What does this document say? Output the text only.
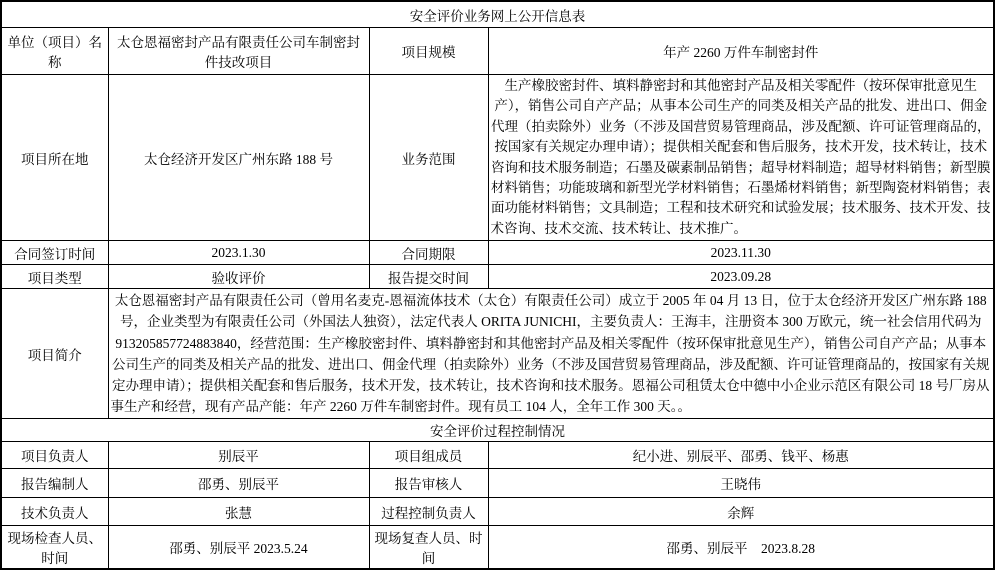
安全评价业务网上公开信息表			
单位（项目）名称	太仓恩福密封产品有限责任公司车制密封件技改项目	项目规模	年产 2260 万件车制密封件
项目所在地	太仓经济开发区广州东路 188 号	业务范围	生产橡胶密封件、填料静密封和其他密封产品及相关零配件（按环保审批意见生产），销售公司自产产品；从事本公司生产的同类及相关产品的批发、进出口、佣金代理（拍卖除外）业务（不涉及国营贸易管理商品，涉及配额、许可证管理商品的，按国家有关规定办理申请）；提供相关配套和售后服务，技术开发，技术转让，技术咨询和技术服务制造；石墨及碳素制品销售；超导材料制造；超导材料销售；新型膜材料销售；功能玻璃和新型光学材料销售；石墨烯材料销售；新型陶瓷材料销售；表面功能材料销售；文具制造；工程和技术研究和试验发展；技术服务、技术开发、技术咨询、技术交流、技术转让、技术推广。
合同签订时间	2023.1.30	合同期限	2023.11.30
项目类型	验收评价	报告提交时间	2023.09.28
项目简介	太仓恩福密封产品有限责任公司（曾用名麦克-恩福流体技术（太仓）有限责任公司）成立于 2005 年 04 月 13 日，位于太仓经济开发区广州东路 188 号，企业类型为有限责任公司（外国法人独资），法定代表人 ORITA JUNICHI，主要负责人：王海丰，注册资本 300 万欧元，统一社会信用代码为 913205857724883840，经营范围：生产橡胶密封件、填料静密封和其他密封产品及相关零配件（按环保审批意见生产），销售公司自产产品；从事本公司生产的同类及相关产品的批发、进出口、佣金代理（拍卖除外）业务（不涉及国营贸易管理商品，涉及配额、许可证管理商品的，按国家有关规定办理申请）；提供相关配套和售后服务，技术开发，技术转让，技术咨询和技术服务。恩福公司租赁太仓中德中小企业示范区有限公司 18 号厂房从事生产和经营，现有产品产能：年产 2260 万件车制密封件。现有员工 104 人，全年工作 300 天。。		
安全评价过程控制情况			
项目负责人	别辰平	项目组成员	纪小进、别辰平、邵勇、钱平、杨惠
报告编制人	邵勇、别辰平	报告审核人	王晓伟
技术负责人	张慧	过程控制负责人	余辉
现场检查人员、时间	邵勇、别辰平 2023.5.24	现场复查人员、时间	邵勇、别辰平　2023.8.28
